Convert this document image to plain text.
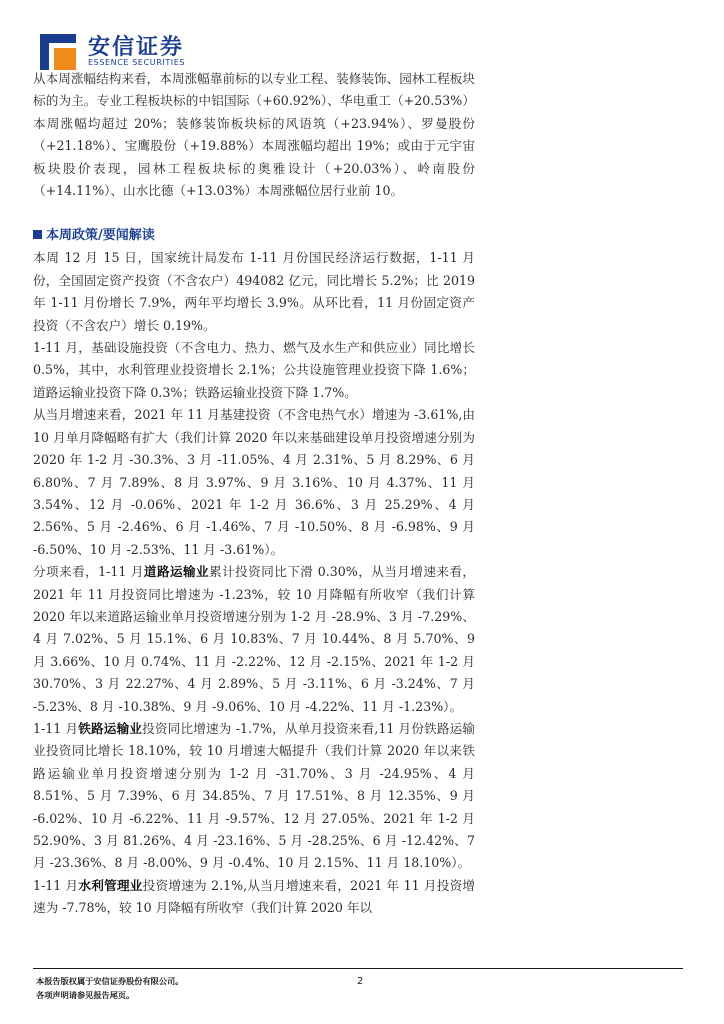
安信证券
ESSENCE SECURITIES

从本周涨幅结构来看，本周涨幅靠前标的以专业工程、装修装饰、园林工程板块标的为主。专业工程板块标的中铝国际（+60.92%）、华电重工（+20.53%）本周涨幅均超过 20%；装修装饰板块标的风语筑（+23.94%）、罗曼股份（+21.18%）、宝鹰股份（+19.88%）本周涨幅均超出 19%；或由于元宇宙板块股价表现，园林工程板块标的奥雅设计（+20.03%）、岭南股份（+14.11%）、山水比德（+13.03%）本周涨幅位居行业前 10。

本周政策/要闻解读

本周 12 月 15 日，国家统计局发布 1-11 月份国民经济运行数据，1-11 月份，全国固定资产投资（不含农户）494082 亿元，同比增长 5.2%；比 2019 年 1-11 月份增长 7.9%，两年平均增长 3.9%。从环比看，11 月份固定资产投资（不含农户）增长 0.19%。

1-11 月，基础设施投资（不含电力、热力、燃气及水生产和供应业）同比增长 0.5%，其中，水利管理业投资增长 2.1%；公共设施管理业投资下降 1.6%；道路运输业投资下降 0.3%；铁路运输业投资下降 1.7%。

从当月增速来看，2021 年 11 月基建投资（不含电热气水）增速为 -3.61%,由 10 月单月降幅略有扩大（我们计算 2020 年以来基础建设单月投资增速分别为 2020 年 1-2 月 -30.3%、3 月 -11.05%、4 月 2.31%、5 月 8.29%、6 月 6.80%、7 月 7.89%、8 月 3.97%、9 月 3.16%、10 月 4.37%、11 月 3.54%、12 月 -0.06%、2021 年 1-2 月 36.6%、3 月 25.29%、4 月 2.56%、5 月 -2.46%、6 月 -1.46%、7 月 -10.50%、8 月 -6.98%、9 月 -6.50%、10 月 -2.53%、11 月 -3.61%）。

分项来看，1-11 月道路运输业累计投资同比下滑 0.30%，从当月增速来看，2021 年 11 月投资同比增速为 -1.23%，较 10 月降幅有所收窄（我们计算 2020 年以来道路运输业单月投资增速分别为 1-2 月 -28.9%、3 月 -7.29%、4 月 7.02%、5 月 15.1%、6 月 10.83%、7 月 10.44%、8 月 5.70%、9 月 3.66%、10 月 0.74%、11 月 -2.22%、12 月 -2.15%、2021 年 1-2 月 30.70%、3 月 22.27%、4 月 2.89%、5 月 -3.11%、6 月 -3.24%、7 月 -5.23%、8 月 -10.38%、9 月 -9.06%、10 月 -4.22%、11 月 -1.23%）。

1-11 月铁路运输业投资同比增速为 -1.7%，从单月投资来看,11 月份铁路运输业投资同比增长 18.10%，较 10 月增速大幅提升（我们计算 2020 年以来铁路运输业单月投资增速分别为 1-2 月 -31.70%、3 月 -24.95%、4 月 8.51%、5 月 7.39%、6 月 34.85%、7 月 17.51%、8 月 12.35%、9 月 -6.02%、10 月 -6.22%、11 月 -9.57%、12 月 27.05%、2021 年 1-2 月 52.90%、3 月 81.26%、4 月 -23.16%、5 月 -28.25%、6 月 -12.42%、7 月 -23.36%、8 月 -8.00%、9 月 -0.4%、10 月 2.15%、11 月 18.10%）。

1-11 月水利管理业投资增速为 2.1%,从当月增速来看，2021 年 11 月投资增速为 -7.78%，较 10 月降幅有所收窄（我们计算 2020 年以

本报告版权属于安信证券股份有限公司。
各项声明请参见报告尾页。
2
